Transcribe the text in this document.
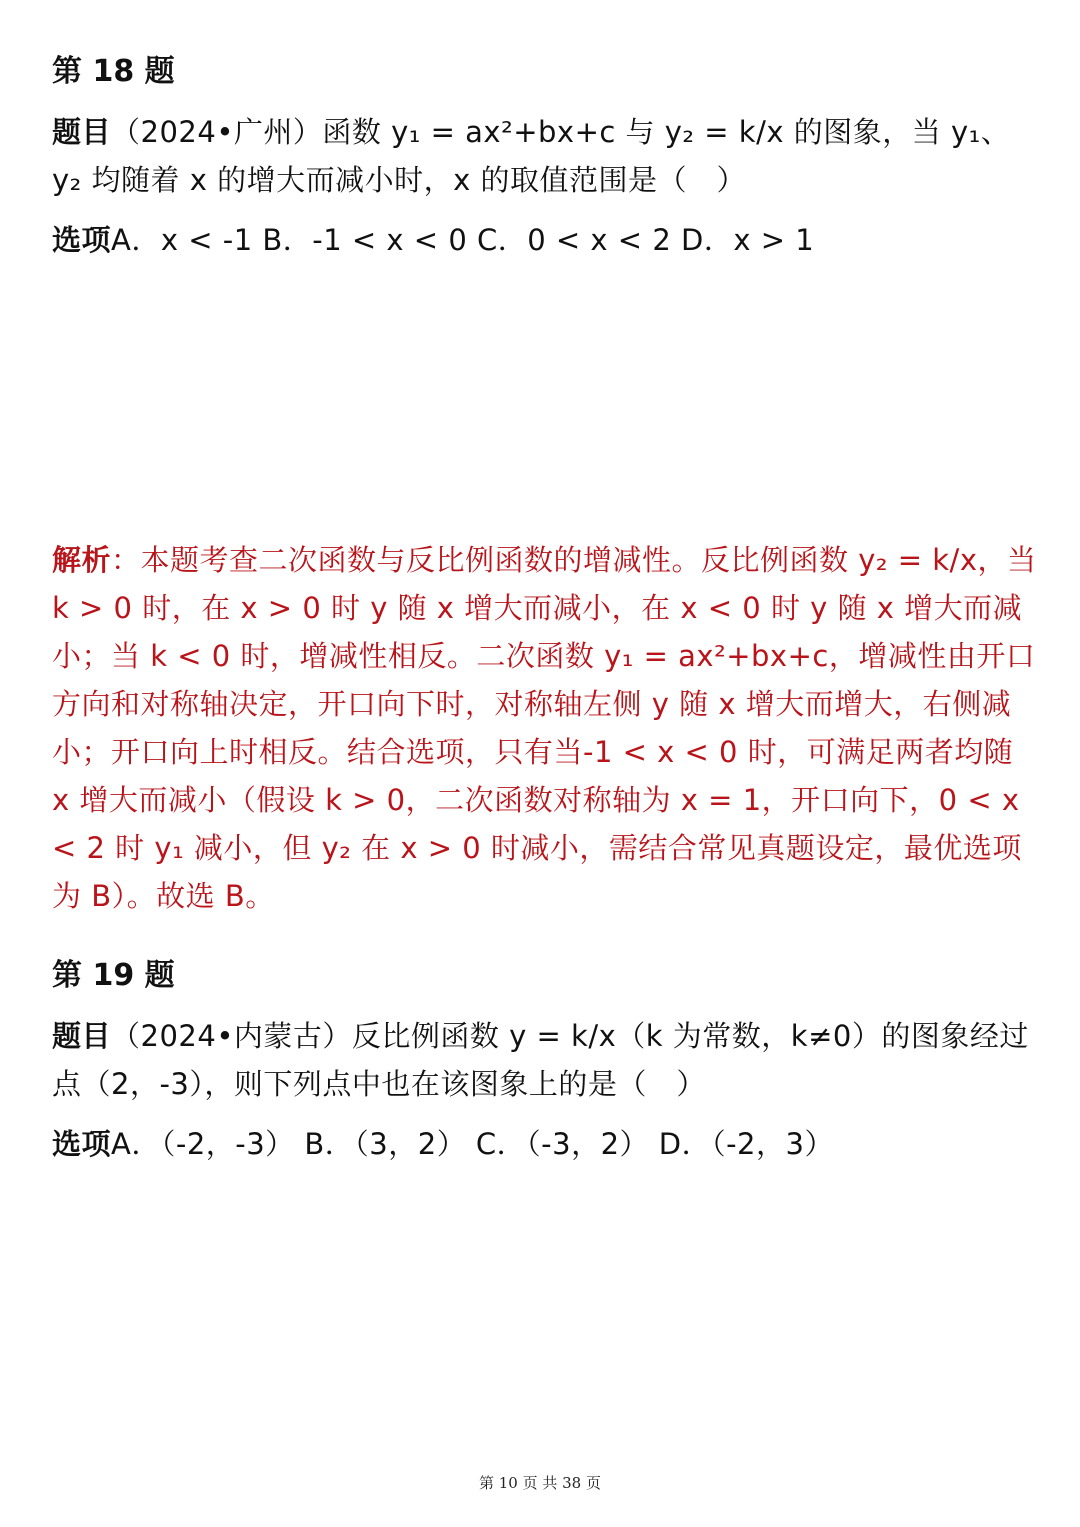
第 18 题
题目（2024•广州）函数 y₁ = ax²+bx+c 与 y₂ = k/x 的图象，当 y₁、y₂ 均随着 x 的增大而减小时，x 的取值范围是（　）
选项A．x < -1 B．-1 < x < 0 C．0 < x < 2 D．x > 1
解析：本题考查二次函数与反比例函数的增减性。反比例函数 y₂ = k/x，当 k > 0 时，在 x > 0 时 y 随 x 增大而减小，在 x < 0 时 y 随 x 增大而减小；当 k < 0 时，增减性相反。二次函数 y₁ = ax²+bx+c，增减性由开口方向和对称轴决定，开口向下时，对称轴左侧 y 随 x 增大而增大，右侧减小；开口向上时相反。结合选项，只有当-1 < x < 0 时，可满足两者均随 x 增大而减小（假设 k > 0，二次函数对称轴为 x = 1，开口向下，0 < x < 2 时 y₁ 减小，但 y₂ 在 x > 0 时减小，需结合常见真题设定，最优选项为 B）。故选 B。
第 19 题
题目（2024•内蒙古）反比例函数 y = k/x（k 为常数，k≠0）的图象经过点（2，-3），则下列点中也在该图象上的是（　）
选项A．（-2，-3） B．（3，2） C．（-3，2） D．（-2，3）
第 10 页 共 38 页
